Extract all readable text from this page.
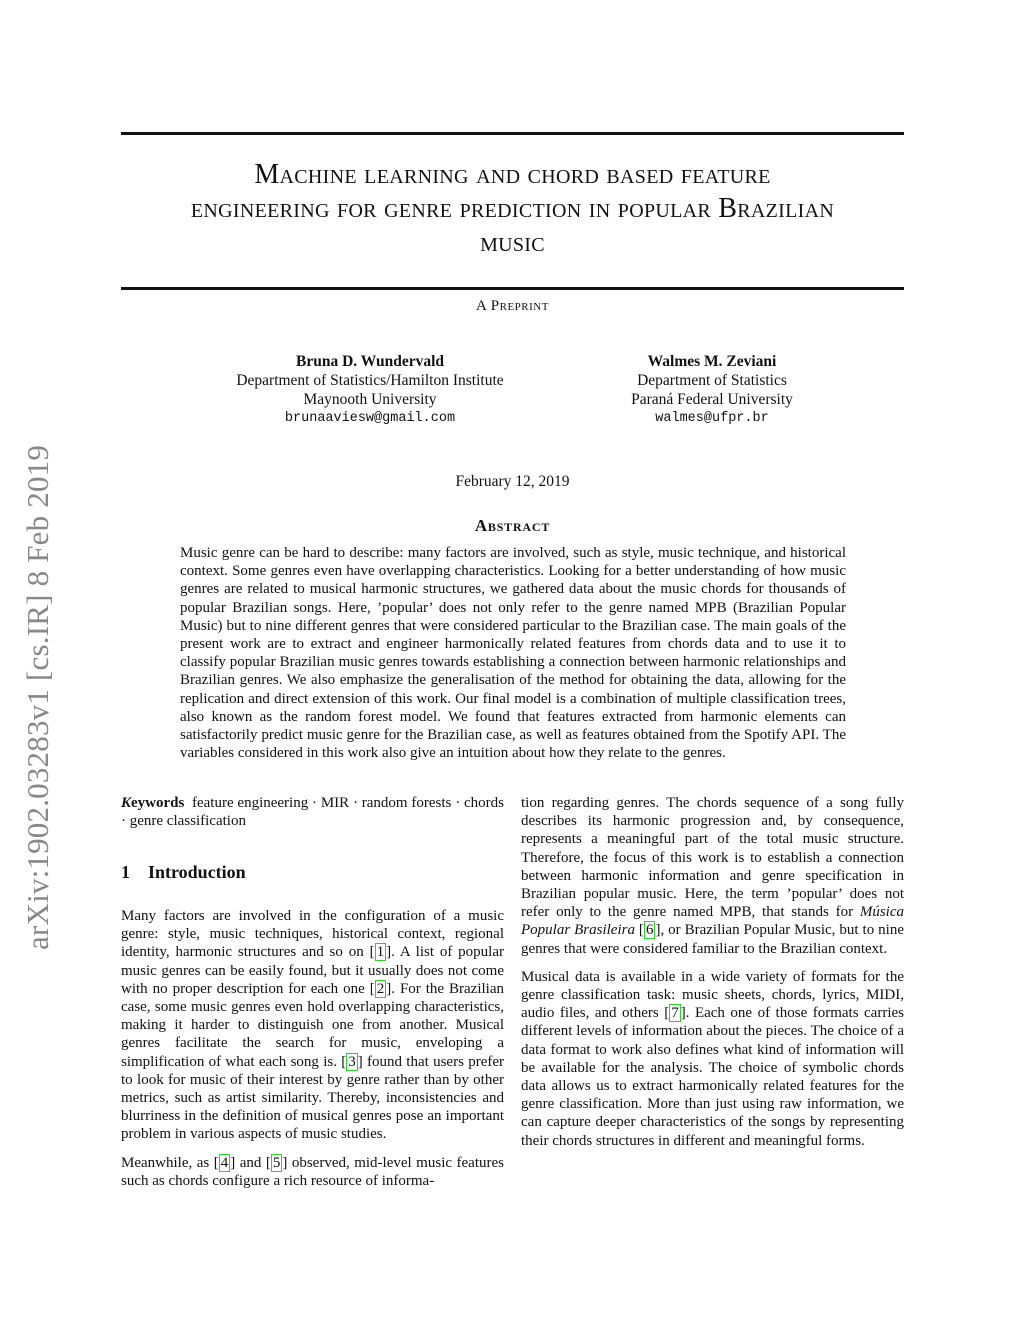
arXiv:1902.03283v1 [cs.IR] 8 Feb 2019
Machine learning and chord based feature
engineering for genre prediction in popular Brazilian
music
A Preprint
Bruna D. Wundervald
Department of Statistics/Hamilton Institute
Maynooth University
brunaaviesw@gmail.com
Walmes M. Zeviani
Department of Statistics
Paraná Federal University
walmes@ufpr.br
February 12, 2019
Abstract
Music genre can be hard to describe: many factors are involved, such as style, music technique, and historical context. Some genres even have overlapping characteristics. Looking for a better understanding of how music genres are related to musical harmonic structures, we gathered data about the music chords for thousands of popular Brazilian songs. Here, ’popular’ does not only refer to the genre named MPB (Brazilian Popular Music) but to nine different genres that were considered particular to the Brazilian case. The main goals of the present work are to extract and engineer harmonically related features from chords data and to use it to classify popular Brazilian music genres towards establishing a connection between harmonic relationships and Brazilian genres. We also emphasize the generalisation of the method for obtaining the data, allowing for the replication and direct extension of this work. Our final model is a combination of multiple classification trees, also known as the random forest model. We found that features extracted from harmonic elements can satisfactorily predict music genre for the Brazilian case, as well as features obtained from the Spotify API. The variables considered in this work also give an intuition about how they relate to the genres.
Keywords feature engineering · MIR · random forests · chords · genre classification
1 Introduction

Many factors are involved in the configuration of a music genre: style, music techniques, historical context, regional identity, harmonic structures and so on [ 1 ]. A list of popular music genres can be easily found, but it usually does not come with no proper description for each one [ 2 ]. For the Brazilian case, some music genres even hold overlapping characteristics, making it harder to distinguish one from another. Musical genres facilitate the search for music, enveloping a simplification of what each song is. [ 3 ] found that users prefer to look for music of their interest by genre rather than by other metrics, such as artist similarity. Thereby, inconsistencies and blurriness in the definition of musical genres pose an important problem in various aspects of music studies.

Meanwhile, as [ 4 ] and [ 5 ] observed, mid-level music features such as chords configure a rich resource of informa-

tion regarding genres. The chords sequence of a song fully describes its harmonic progression and, by consequence, represents a meaningful part of the total music structure. Therefore, the focus of this work is to establish a connection between harmonic information and genre specification in Brazilian popular music. Here, the term ’popular’ does not refer only to the genre named MPB, that stands for Música Popular Brasileira [ 6 ], or Brazilian Popular Music, but to nine genres that were considered familiar to the Brazilian context.

Musical data is available in a wide variety of formats for the genre classification task: music sheets, chords, lyrics, MIDI, audio files, and others [ 7 ]. Each one of those formats carries different levels of information about the pieces. The choice of a data format to work also defines what kind of information will be available for the analysis. The choice of symbolic chords data allows us to extract harmonically related features for the genre classification. More than just using raw information, we can capture deeper characteristics of the songs by representing their chords structures in different and meaningful forms.
